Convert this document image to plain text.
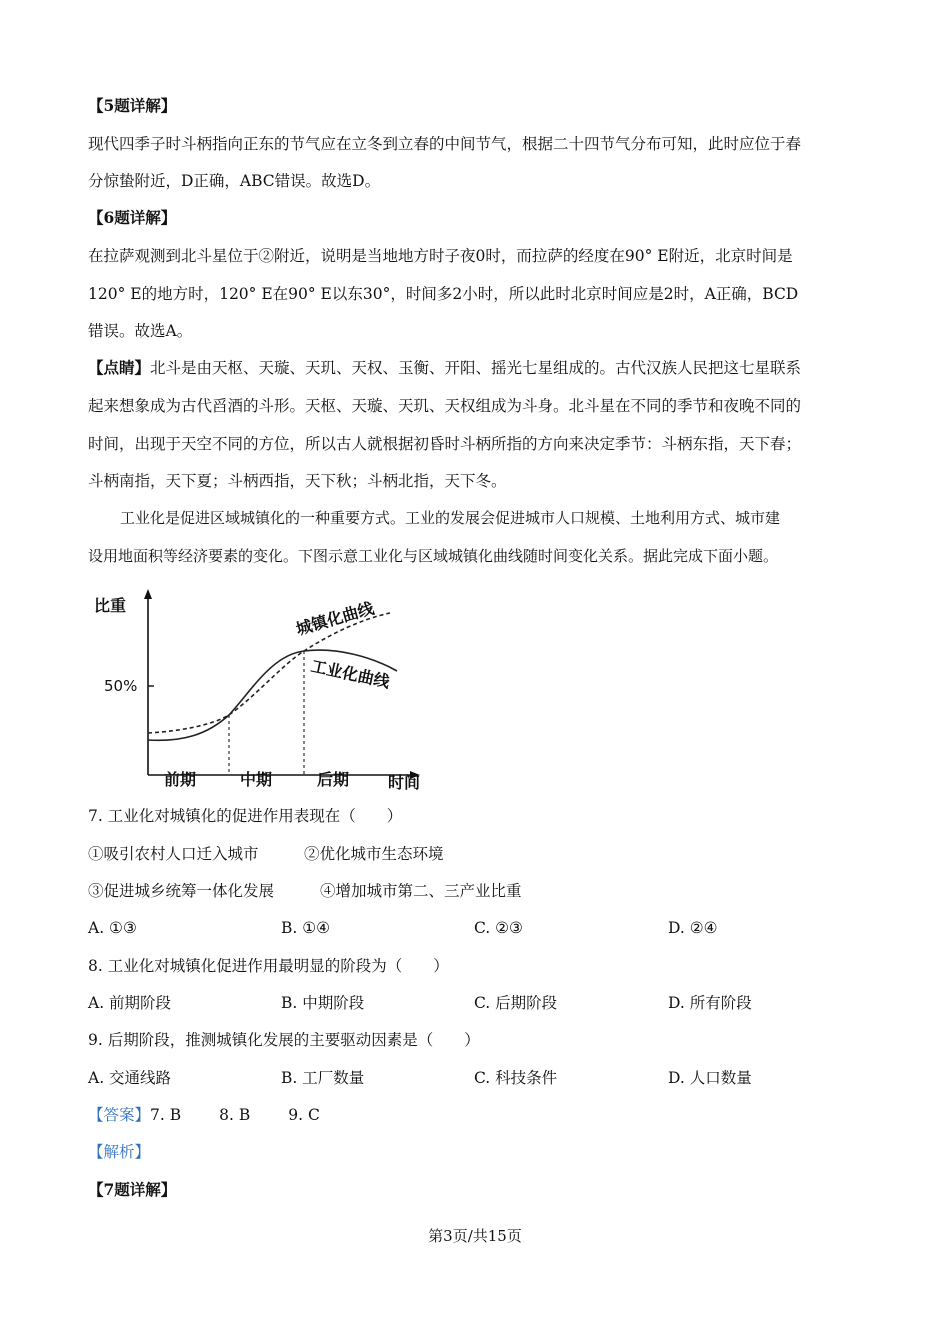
【5题详解】
现代四季子时斗柄指向正东的节气应在立冬到立春的中间节气，根据二十四节气分布可知，此时应位于春
分惊蛰附近，D正确，ABC错误。故选D。
【6题详解】
在拉萨观测到北斗星位于②附近，说明是当地地方时子夜0时，而拉萨的经度在90° E附近，北京时间是
120° E的地方时，120° E在90° E以东30°，时间多2小时，所以此时北京时间应是2时，A正确，BCD
错误。故选A。
【点睛】北斗是由天枢、天璇、天玑、天权、玉衡、开阳、摇光七星组成的。古代汉族人民把这七星联系
起来想象成为古代舀酒的斗形。天枢、天璇、天玑、天权组成为斗身。北斗星在不同的季节和夜晚不同的
时间，出现于天空不同的方位，所以古人就根据初昏时斗柄所指的方向来决定季节：斗柄东指，天下春；
斗柄南指，天下夏；斗柄西指，天下秋；斗柄北指，天下冬。
工业化是促进区域城镇化的一种重要方式。工业的发展会促进城市人口规模、土地利用方式、城市建
设用地面积等经济要素的变化。下图示意工业化与区域城镇化曲线随时间变化关系。据此完成下面小题。
比重
时间
50%
前期	中期	后期
城镇化曲线
工业化曲线
7. 工业化对城镇化的促进作用表现在（　　）
①吸引农村人口迁入城市	②优化城市生态环境
③促进城乡统筹一体化发展	④增加城市第二、三产业比重
A. ①③	B. ①④	C. ②③	D. ②④
8. 工业化对城镇化促进作用最明显的阶段为（　　）
A. 前期阶段	B. 中期阶段	C. 后期阶段	D. 所有阶段
9. 后期阶段，推测城镇化发展的主要驱动因素是（　　）
A. 交通线路	B. 工厂数量	C. 科技条件	D. 人口数量
【答案】7. B 8. B 9. C
【解析】
【7题详解】
第3页/共15页
